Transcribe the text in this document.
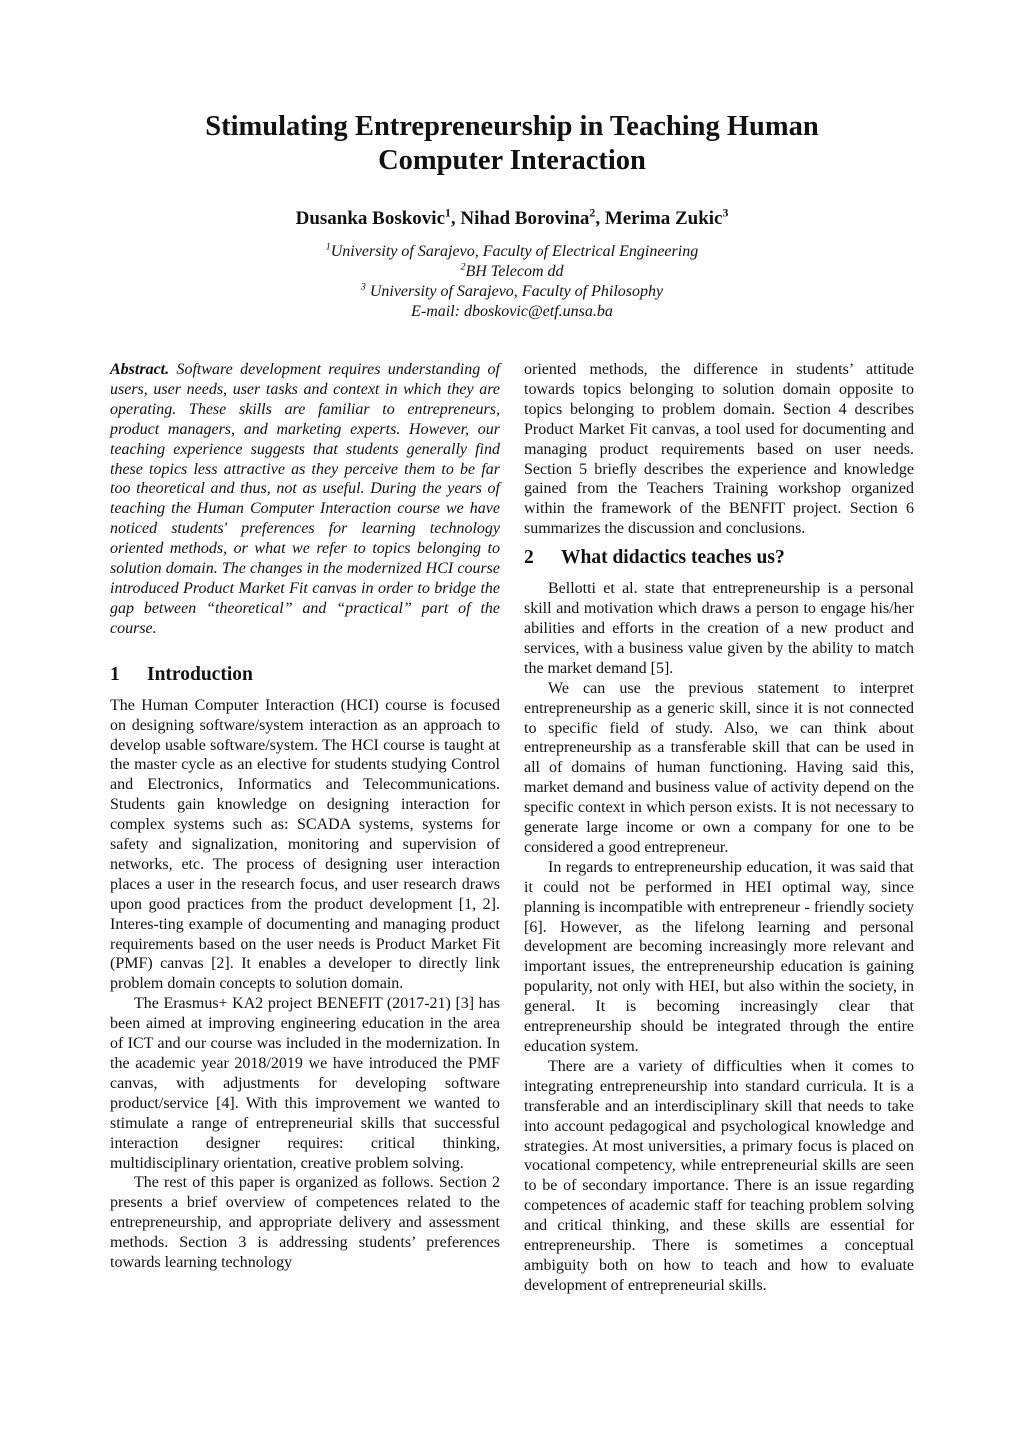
Stimulating Entrepreneurship in Teaching Human
Computer Interaction
Dusanka Boskovic$^1$, Nihad Borovina$^2$, Merima Zukic$^3$
$^1$University of Sarajevo, Faculty of Electrical Engineering
$^2$BH Telecom dd
$^3$ University of Sarajevo, Faculty of Philosophy
E-mail: dboskovic@etf.unsa.ba

Abstract. Software development requires understanding of users, user needs, user tasks and context in which they are operating. These skills are familiar to entrepreneurs, product managers, and marketing experts. However, our teaching experience suggests that students generally find these topics less attractive as they perceive them to be far too theoretical and thus, not as useful. During the years of teaching the Human Computer Interaction course we have noticed students' preferences for learning technology oriented methods, or what we refer to topics belonging to solution domain. The changes in the modernized HCI course introduced Product Market Fit canvas in order to bridge the gap between “theoretical” and “practical” part of the course.

1 Introduction

The Human Computer Interaction (HCI) course is focused on designing software/system interaction as an approach to develop usable software/system. The HCI course is taught at the master cycle as an elective for students studying Control and Electronics, Informatics and Telecommunications. Students gain knowledge on designing interaction for complex systems such as: SCADA systems, systems for safety and signalization, monitoring and supervision of networks, etc. The process of designing user interaction places a user in the research focus, and user research draws upon good practices from the product development [1, 2]. Interes-ting example of documenting and managing product requirements based on the user needs is Product Market Fit (PMF) canvas [2]. It enables a developer to directly link problem domain concepts to solution domain.

The Erasmus+ KA2 project BENEFIT (2017-21) [3] has been aimed at improving engineering education in the area of ICT and our course was included in the modernization. In the academic year 2018/2019 we have introduced the PMF canvas, with adjustments for developing software product/service [4]. With this improvement we wanted to stimulate a range of entrepreneurial skills that successful interaction designer requires: critical thinking, multidisciplinary orientation, creative problem solving.

The rest of this paper is organized as follows. Section 2 presents a brief overview of competences related to the entrepreneurship, and appropriate delivery and assessment methods. Section 3 is addressing students’ preferences towards learning technology

oriented methods, the difference in students’ attitude towards topics belonging to solution domain opposite to topics belonging to problem domain. Section 4 describes Product Market Fit canvas, a tool used for documenting and managing product requirements based on user needs. Section 5 briefly describes the experience and knowledge gained from the Teachers Training workshop organized within the framework of the BENFIT project. Section 6 summarizes the discussion and conclusions.

2 What didactics teaches us?

Bellotti et al. state that entrepreneurship is a personal skill and motivation which draws a person to engage his/her abilities and efforts in the creation of a new product and services, with a business value given by the ability to match the market demand [5].

We can use the previous statement to interpret entrepreneurship as a generic skill, since it is not connected to specific field of study. Also, we can think about entrepreneurship as a transferable skill that can be used in all of domains of human functioning. Having said this, market demand and business value of activity depend on the specific context in which person exists. It is not necessary to generate large income or own a company for one to be considered a good entrepreneur.

In regards to entrepreneurship education, it was said that it could not be performed in HEI optimal way, since planning is incompatible with entrepreneur - friendly society [6]. However, as the lifelong learning and personal development are becoming increasingly more relevant and important issues, the entrepreneurship education is gaining popularity, not only with HEI, but also within the society, in general. It is becoming increasingly clear that entrepreneurship should be integrated through the entire education system.

There are a variety of difficulties when it comes to integrating entrepreneurship into standard curricula. It is a transferable and an interdisciplinary skill that needs to take into account pedagogical and psychological knowledge and strategies. At most universities, a primary focus is placed on vocational competency, while entrepreneurial skills are seen to be of secondary importance. There is an issue regarding competences of academic staff for teaching problem solving and critical thinking, and these skills are essential for entrepreneurship. There is sometimes a conceptual ambiguity both on how to teach and how to evaluate development of entrepreneurial skills.
